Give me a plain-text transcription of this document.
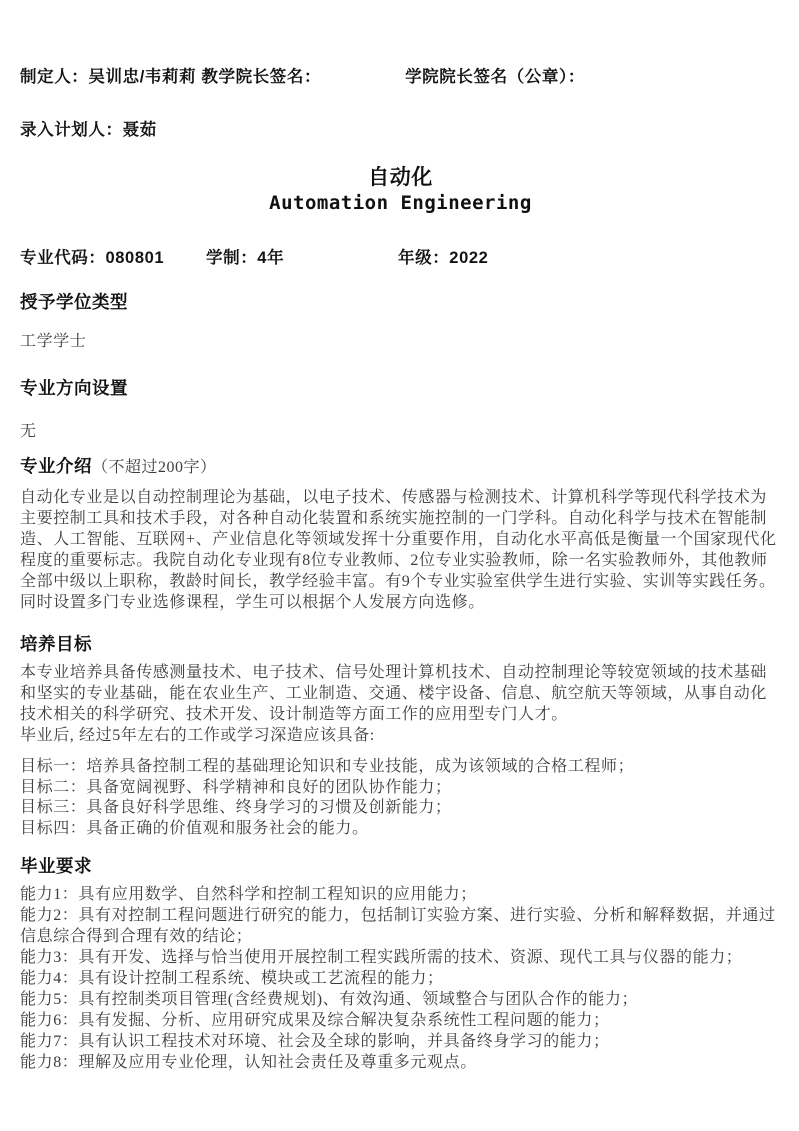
制定人：吴训忠/韦莉莉 教学院长签名：	学院院长签名（公章）：
录入计划人：聂茹
自动化
Automation Engineering
专业代码：080801	学制：4年	年级：2022
授予学位类型
工学学士
专业方向设置
无
专业介绍（不超过200字）
自动化专业是以自动控制理论为基础，以电子技术、传感器与检测技术、计算机科学等现代科学技术为主要控制工具和技术手段，对各种自动化装置和系统实施控制的一门学科。自动化科学与技术在智能制造、人工智能、互联网+、产业信息化等领域发挥十分重要作用，自动化水平高低是衡量一个国家现代化程度的重要标志。我院自动化专业现有8位专业教师、2位专业实验教师，除一名实验教师外，其他教师全部中级以上职称，教龄时间长，教学经验丰富。有9个专业实验室供学生进行实验、实训等实践任务。同时设置多门专业选修课程，学生可以根据个人发展方向选修。
培养目标
本专业培养具备传感测量技术、电子技术、信号处理计算机技术、自动控制理论等较宽领域的技术基础和坚实的专业基础，能在农业生产、工业制造、交通、楼宇设备、信息、航空航天等领域，从事自动化技术相关的科学研究、技术开发、设计制造等方面工作的应用型专门人才。
毕业后, 经过5年左右的工作或学习深造应该具备:
目标一：培养具备控制工程的基础理论知识和专业技能，成为该领域的合格工程师；
目标二：具备宽阔视野、科学精神和良好的团队协作能力；
目标三：具备良好科学思维、终身学习的习惯及创新能力；
目标四：具备正确的价值观和服务社会的能力。
毕业要求
能力1：具有应用数学、自然科学和控制工程知识的应用能力；
能力2：具有对控制工程问题进行研究的能力，包括制订实验方案、进行实验、分析和解释数据，并通过信息综合得到合理有效的结论；
能力3：具有开发、选择与恰当使用开展控制工程实践所需的技术、资源、现代工具与仪器的能力；
能力4：具有设计控制工程系统、模块或工艺流程的能力；
能力5：具有控制类项目管理(含经费规划)、有效沟通、领域整合与团队合作的能力；
能力6：具有发掘、分析、应用研究成果及综合解决复杂系统性工程问题的能力；
能力7：具有认识工程技术对环境、社会及全球的影响，并具备终身学习的能力；
能力8：理解及应用专业伦理，认知社会责任及尊重多元观点。
